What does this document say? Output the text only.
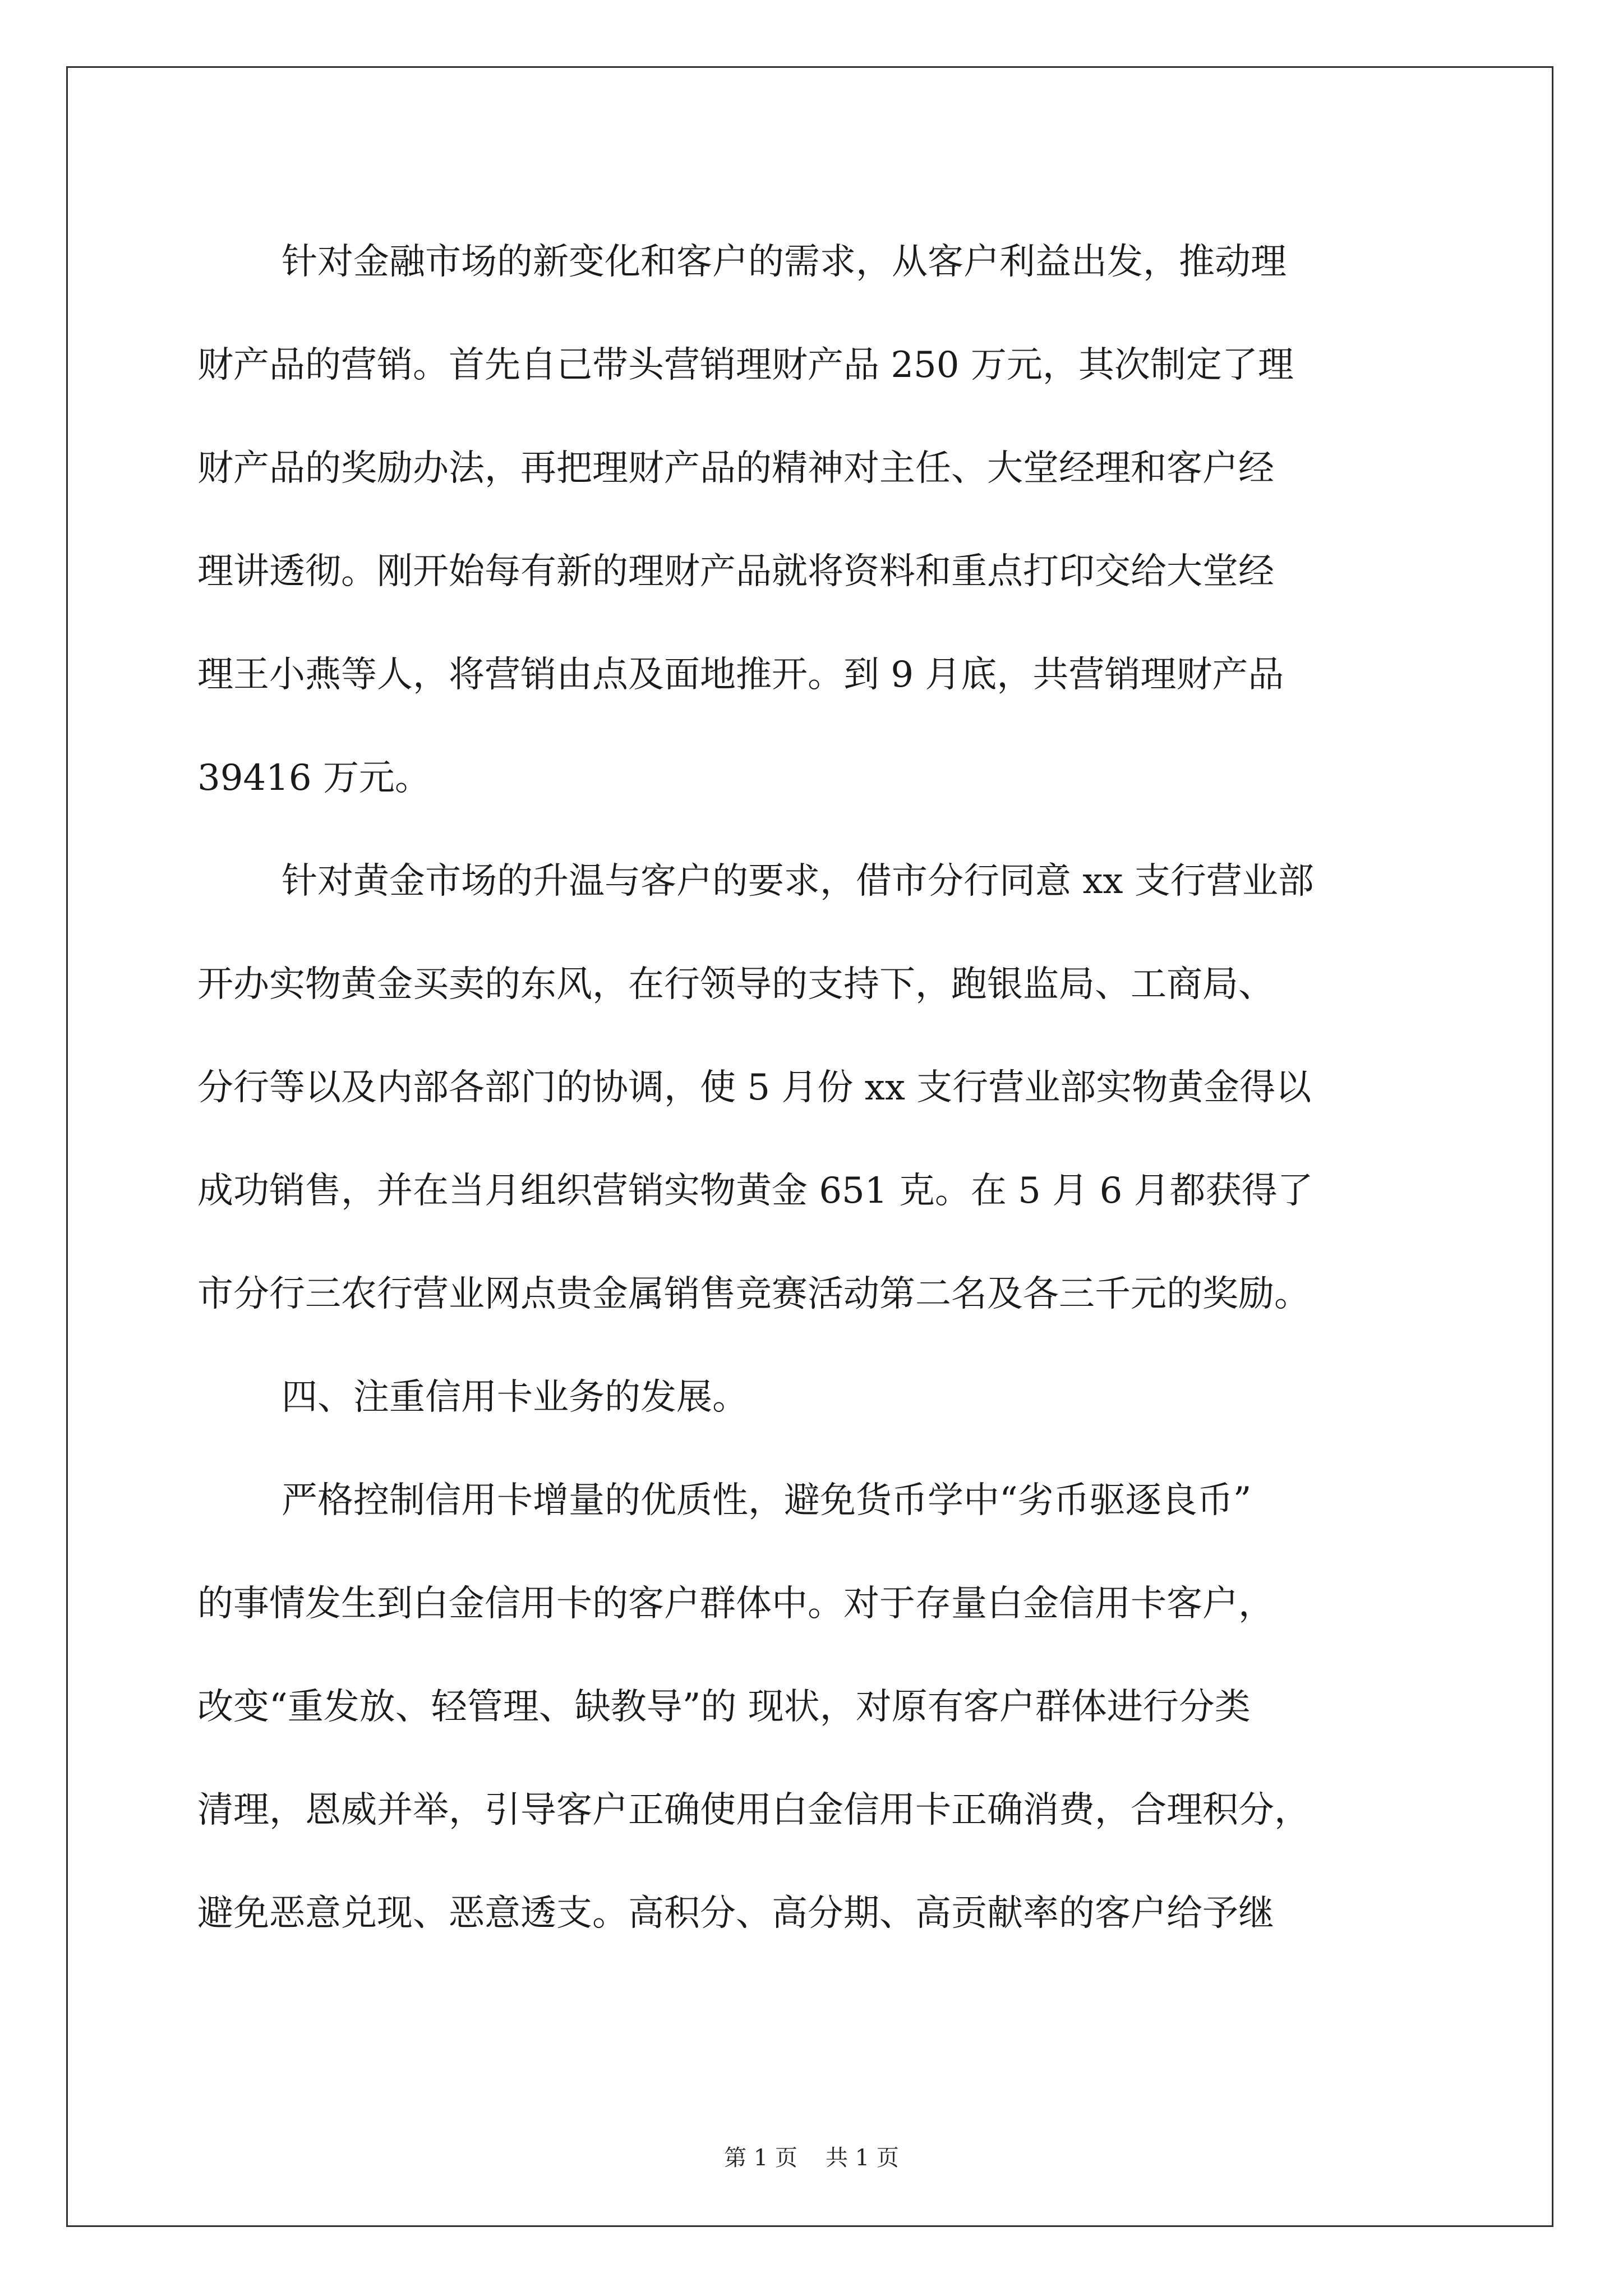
针对金融市场的新变化和客户的需求，从客户利益出发，推动理
财产品的营销。首先自己带头营销理财产品 250 万元，其次制定了理
财产品的奖励办法，再把理财产品的精神对主任、大堂经理和客户经
理讲透彻。刚开始每有新的理财产品就将资料和重点打印交给大堂经
理王小燕等人，将营销由点及面地推开。到 9 月底，共营销理财产品
39416 万元。
针对黄金市场的升温与客户的要求，借市分行同意 xx 支行营业部
开办实物黄金买卖的东风，在行领导的支持下，跑银监局、工商局、
分行等以及内部各部门的协调，使 5 月份 xx 支行营业部实物黄金得以
成功销售，并在当月组织营销实物黄金 651 克。在 5 月 6 月都获得了
市分行三农行营业网点贵金属销售竞赛活动第二名及各三千元的奖励。
四、注重信用卡业务的发展。
严格控制信用卡增量的优质性，避免货币学中“劣币驱逐良币”
的事情发生到白金信用卡的客户群体中。对于存量白金信用卡客户，
改变“重发放、轻管理、缺教导”的 现状，对原有客户群体进行分类
清理，恩威并举，引导客户正确使用白金信用卡正确消费，合理积分，
避免恶意兑现、恶意透支。高积分、高分期、高贡献率的客户给予继
第 1 页 共 1 页
